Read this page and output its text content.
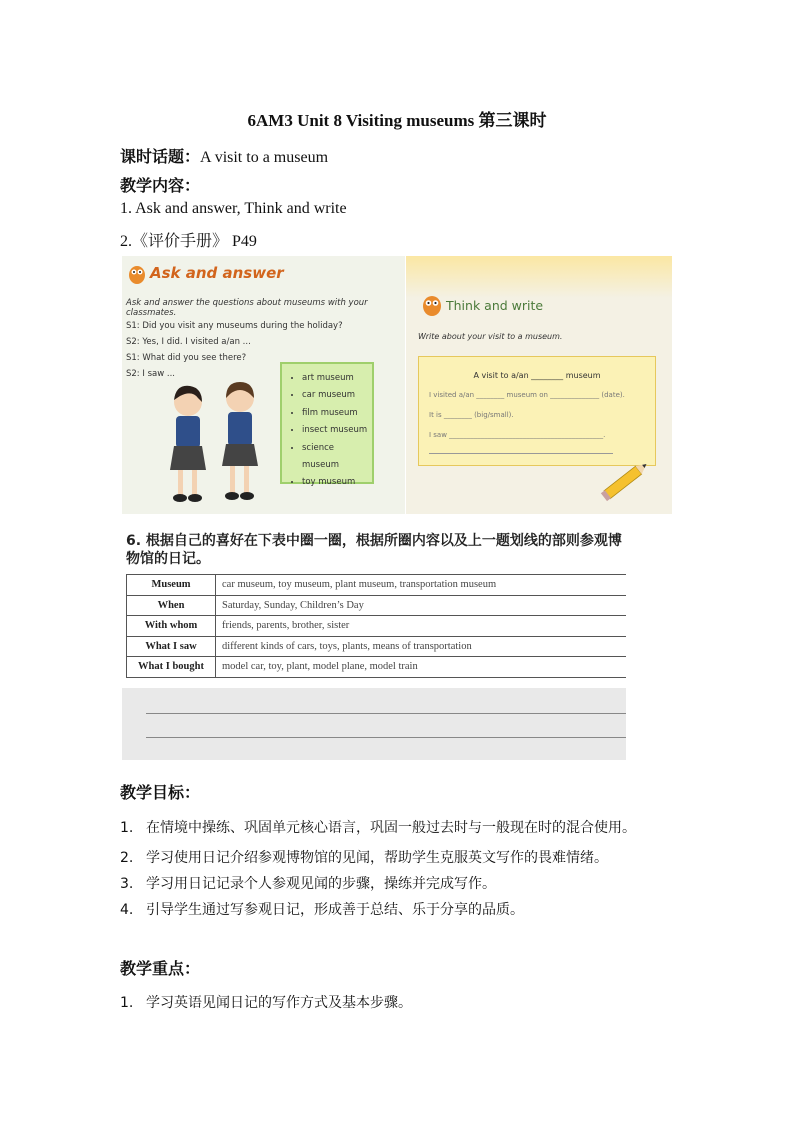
6AM3 Unit 8 Visiting museums 第三课时
课时话题：A visit to a museum
教学内容：
1. Ask and answer, Think and write
2.《评价手册》 P49
Ask and answer
Ask and answer the questions about museums with your classmates.
S1: Did you visit any museums during the holiday?
S2: Yes, I did. I visited a/an ...
S1: What did you see there?
S2: I saw ...	• art museum
• car museum
• film museum
• insect museum
• science museum
• toy museum
Think and write
Write about your visit to a museum.
A visit to a/an ________ museum
I visited a/an ________ museum on ______________ (date).
It is ________ (big/small).
I saw ____________________________________________.
6. 根据自己的喜好在下表中圈一圈，根据所圈内容以及上一题划线的部则参观博物馆的日记。
Museum	car museum, toy museum, plant museum, transportation museum
When	Saturday, Sunday, Children’s Day
With whom	friends, parents, brother, sister
What I saw	different kinds of cars, toys, plants, means of transportation
What I bought	model car, toy, plant, model plane, model train
教学目标：
1. 在情境中操练、巩固单元核心语言，巩固一般过去时与一般现在时的混合使用。
2. 学习使用日记介绍参观博物馆的见闻，帮助学生克服英文写作的畏难情绪。
3. 学习用日记记录个人参观见闻的步骤，操练并完成写作。
4. 引导学生通过写参观日记，形成善于总结、乐于分享的品质。
教学重点：
1. 学习英语见闻日记的写作方式及基本步骤。
